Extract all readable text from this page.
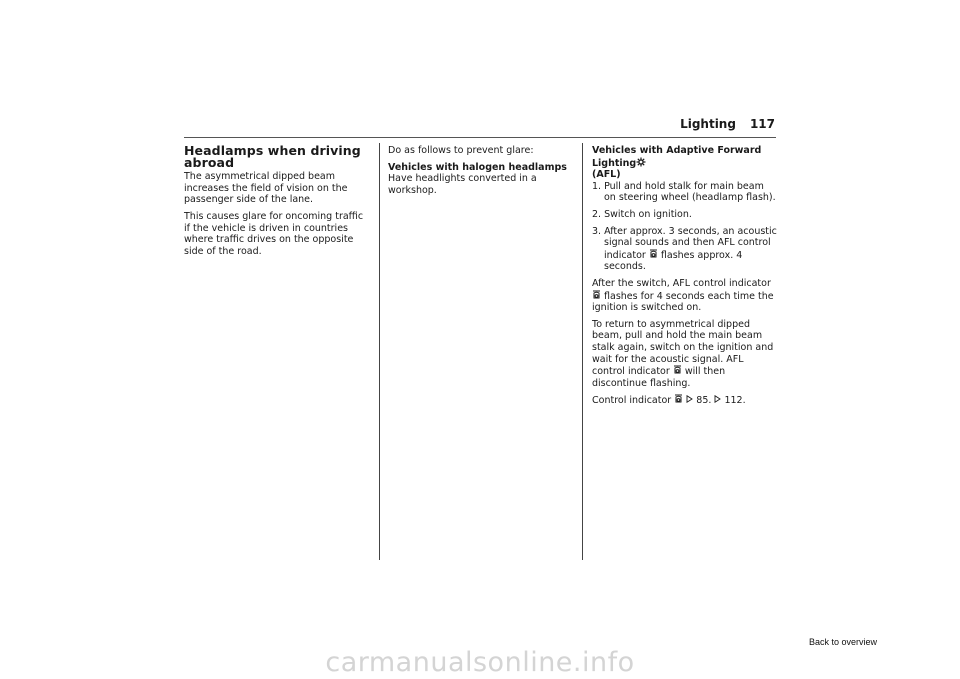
Lighting 117
Headlamps when driving abroad

The asymmetrical dipped beam increases the field of vision on the passenger side of the lane.

This causes glare for oncoming traffic if the vehicle is driven in countries where traffic drives on the opposite side of the road.

Do as follows to prevent glare:

Vehicles with halogen headlamps

Have headlights converted in a workshop.

Vehicles with Adaptive Forward Lighting
(AFL)

1. Pull and hold stalk for main beam on steering wheel (headlamp flash).

2. Switch on ignition.

3. After approx. 3 seconds, an acoustic signal sounds and then AFL control indicator flashes approx. 4 seconds.

After the switch, AFL control indicator  flashes for 4 seconds each time the ignition is switched on.

To return to asymmetrical dipped beam, pull and hold the main beam stalk again, switch on the ignition and wait for the acoustic signal. AFL control indicator will then discontinue flashing.

Control indicator	85. 112.

Back to overview
carmanualsonline.info
